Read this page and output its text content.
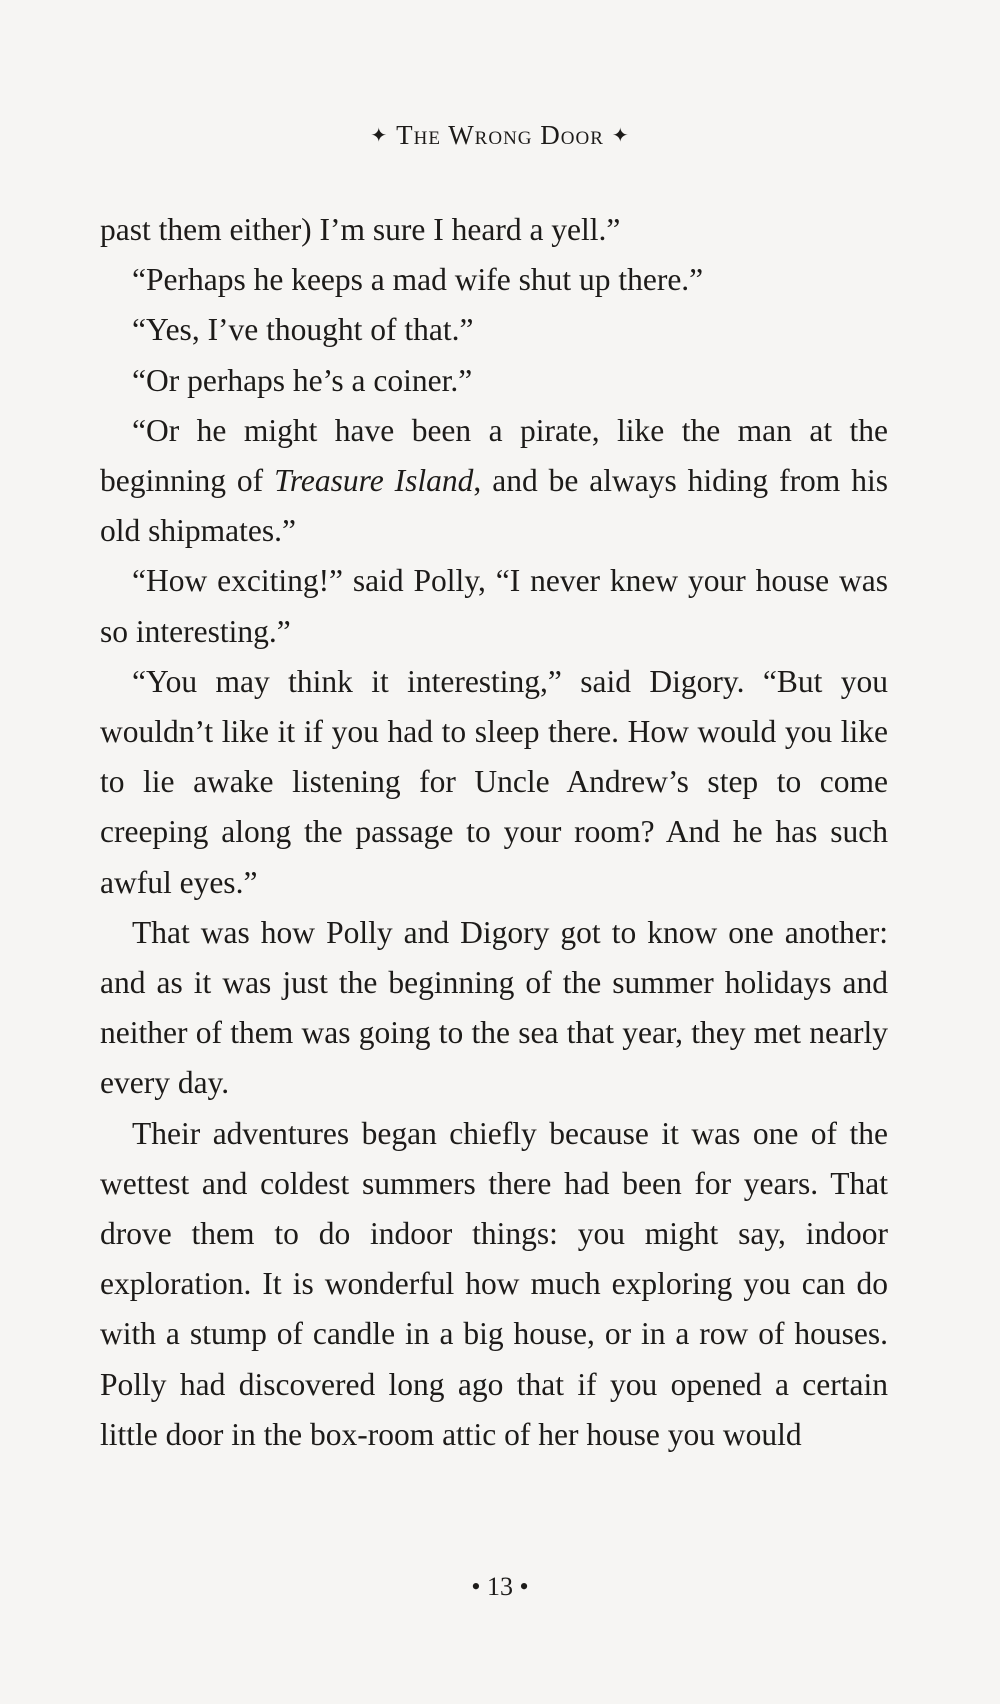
✦ The Wrong Door ✦

past them either) I’m sure I heard a yell.”

“Perhaps he keeps a mad wife shut up there.”

“Yes, I’ve thought of that.”

“Or perhaps he’s a coiner.”

“Or he might have been a pirate, like the man at the beginning of Treasure Island, and be always hiding from his old shipmates.”

“How exciting!” said Polly, “I never knew your house was so interesting.”

“You may think it interesting,” said Digory. “But you wouldn’t like it if you had to sleep there. How would you like to lie awake listening for Uncle Andrew’s step to come creeping along the passage to your room? And he has such awful eyes.”

That was how Polly and Digory got to know one another: and as it was just the beginning of the summer holidays and neither of them was going to the sea that year, they met nearly every day.

Their adventures began chiefly because it was one of the wettest and coldest summers there had been for years. That drove them to do indoor things: you might say, indoor exploration. It is wonderful how much exploring you can do with a stump of candle in a big house, or in a row of houses. Polly had discovered long ago that if you opened a certain little door in the box-room attic of her house you would

• 13 •
